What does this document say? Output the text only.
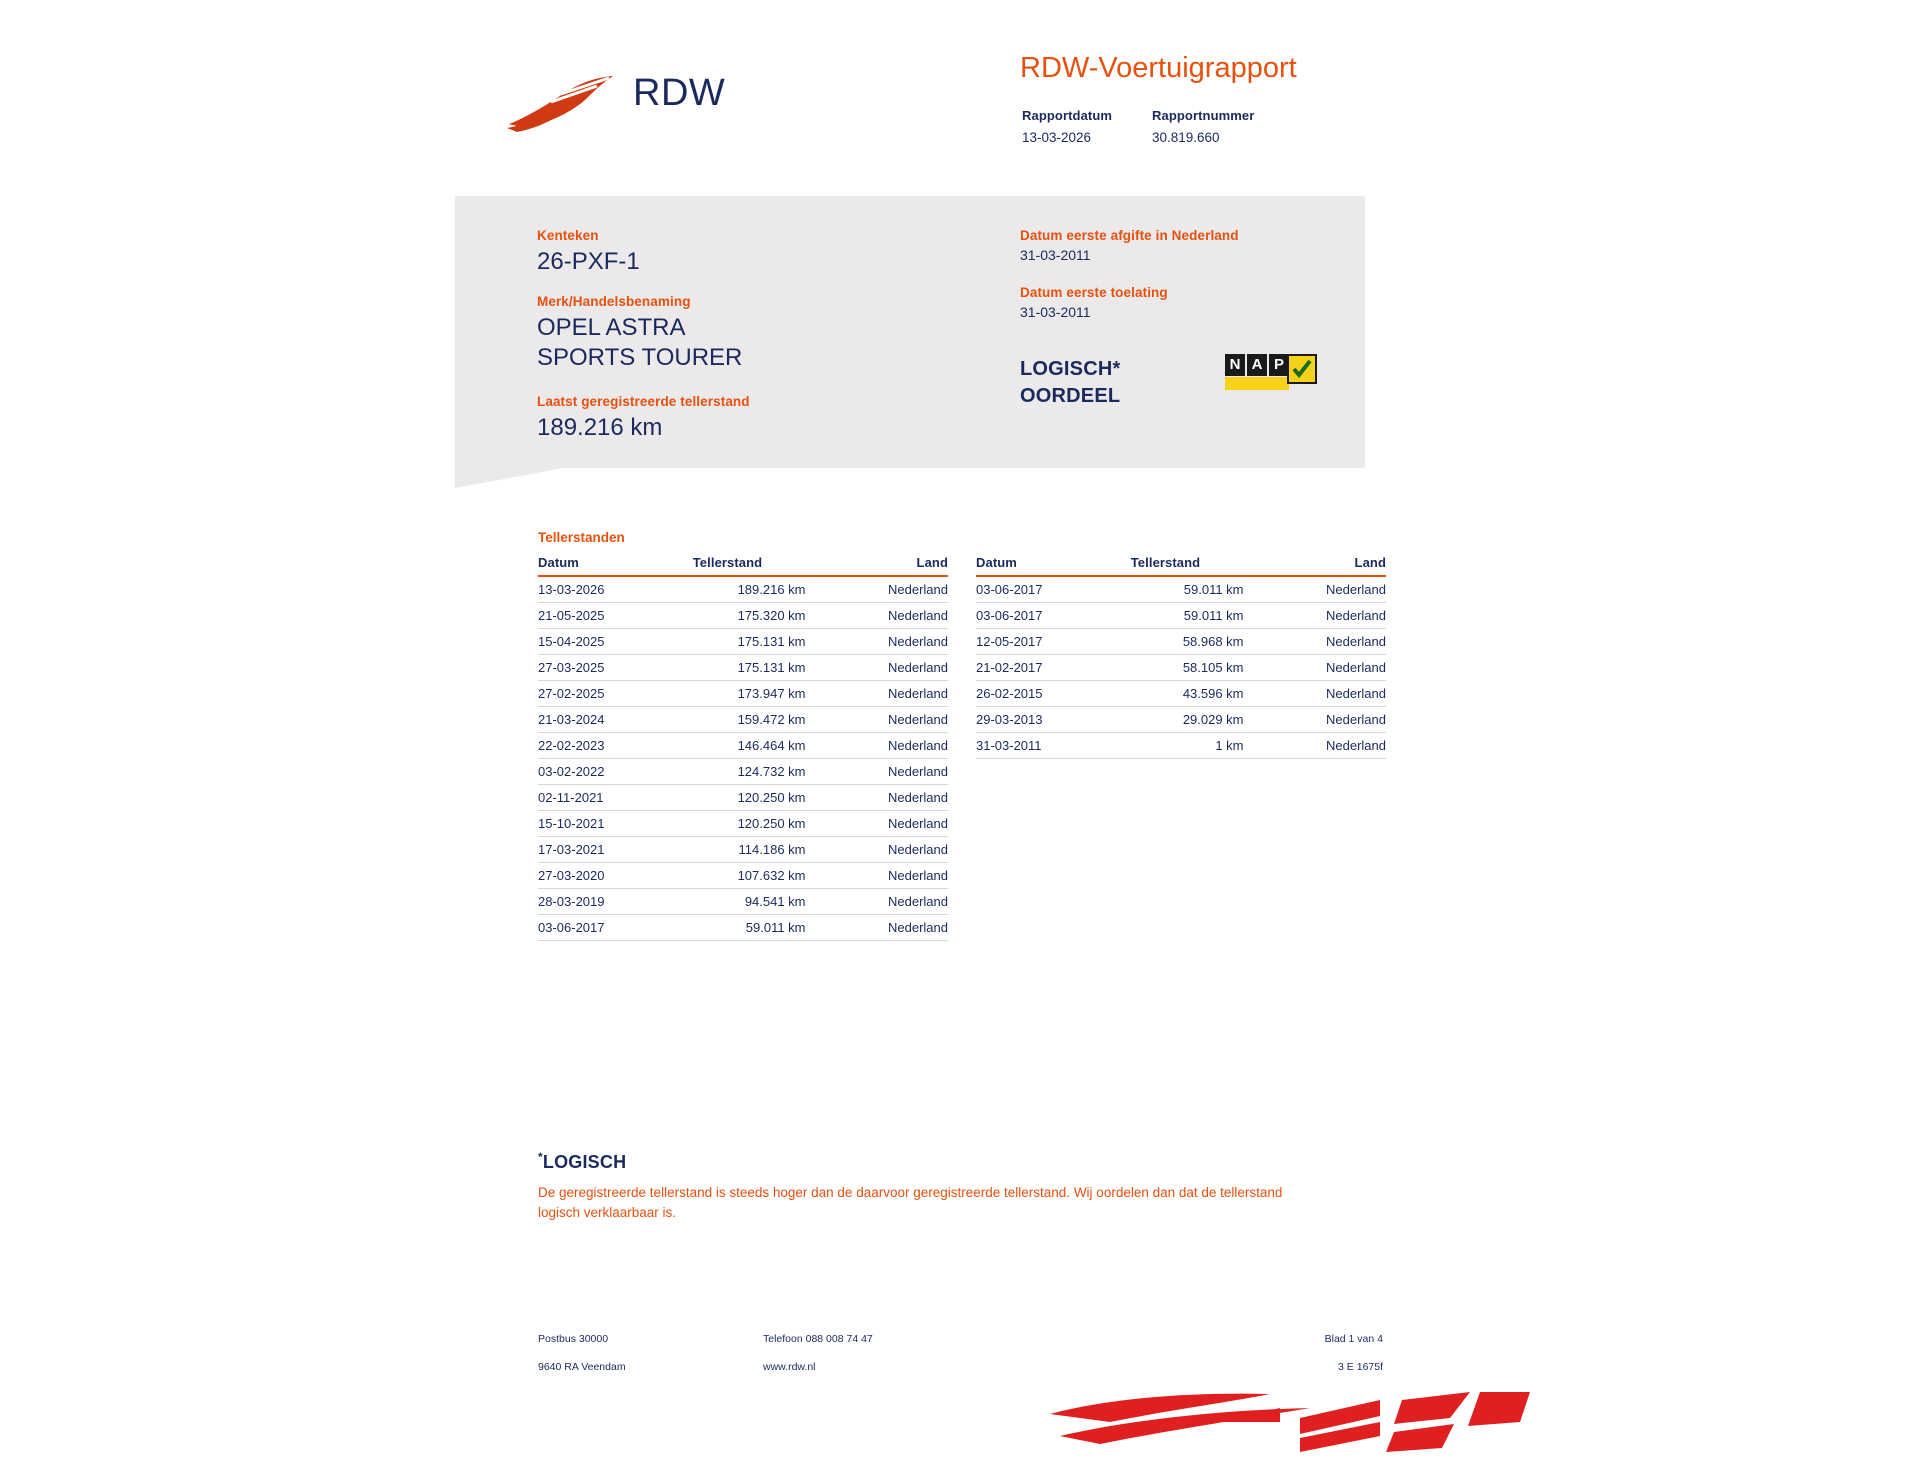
RDW
RDW-Voertuigrapport
Rapportdatum
13-03-2026

Rapportnummer
30.819.660
Kenteken
26-PXF-1
Merk/Handelsbenaming
OPEL ASTRA
SPORTS TOURER
Laatst geregistreerde tellerstand
189.216 km
Datum eerste afgifte in Nederland
31-03-2011
Datum eerste toelating
31-03-2011
LOGISCH*
OORDEEL
N A P
Tellerstanden
Datum	Tellerstand	Land
13-03-2026	189.216 km	Nederland
21-05-2025	175.320 km	Nederland
15-04-2025	175.131 km	Nederland
27-03-2025	175.131 km	Nederland
27-02-2025	173.947 km	Nederland
21-03-2024	159.472 km	Nederland
22-02-2023	146.464 km	Nederland
03-02-2022	124.732 km	Nederland
02-11-2021	120.250 km	Nederland
15-10-2021	120.250 km	Nederland
17-03-2021	114.186 km	Nederland
27-03-2020	107.632 km	Nederland
28-03-2019	94.541 km	Nederland
03-06-2017	59.011 km	Nederland
Datum	Tellerstand	Land
03-06-2017	59.011 km	Nederland
03-06-2017	59.011 km	Nederland
12-05-2017	58.968 km	Nederland
21-02-2017	58.105 km	Nederland
26-02-2015	43.596 km	Nederland
29-03-2013	29.029 km	Nederland
31-03-2011	1 km	Nederland
*LOGISCH
De geregistreerde tellerstand is steeds hoger dan de daarvoor geregistreerde tellerstand. Wij oordelen dan dat de tellerstand logisch verklaarbaar is.
Postbus 30000
9640 RA Veendam
Telefoon 088 008 74 47
www.rdw.nl
Blad 1 van 4
3 E 1675f
